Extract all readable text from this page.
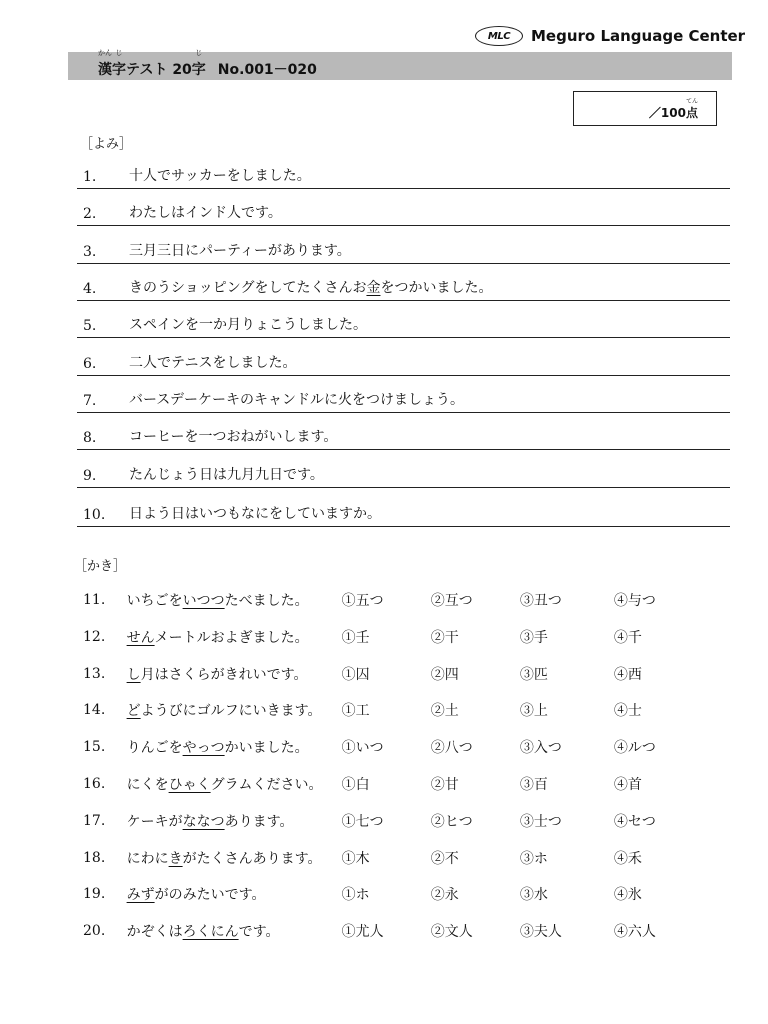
MLC	Meguro Language Center
漢
かん
字
じ
テスト 20 字
じ
No.001－020
／100点
てん
［よみ］
［かき］
1.	十人でサッカーをしました。
2.	わたしはインド人です。
3.	三月三日にパーティーがあります。
4.	きのうショッピングをしてたくさんお金をつかいました。
5.	スペインを一か月りょこうしました。
6.	二人でテニスをしました。
7.	バースデーケーキのキャンドルに火をつけましょう。
8.	コーヒーを一つおねがいします。
9.	たんじょう日は九月九日です。
10.	日よう日はいつもなにをしていますか。
11.	いちごをいつつたべました。	①五つ	②互つ	③丑つ	④与つ
12.	せんメートルおよぎました。	①壬	②干	③手	④千
13.	し月はさくらがきれいです。	①囚	②四	③匹	④西
14.	どようびにゴルフにいきます。	①工	②土	③上	④士
15.	りんごをやっつかいました。	①いつ	②八つ	③入つ	④ルつ
16.	にくをひゃくグラムください。	①白	②甘	③百	④首
17.	ケーキがななつあります。	①七つ	②ヒつ	③士つ	④セつ
18.	にわにきがたくさんあります。	①木	②不	③ホ	④禾
19.	みずがのみたいです。	①ホ	②永	③水	④氷
20.	かぞくはろくにんです。	①尤人	②文人	③夫人	④六人
